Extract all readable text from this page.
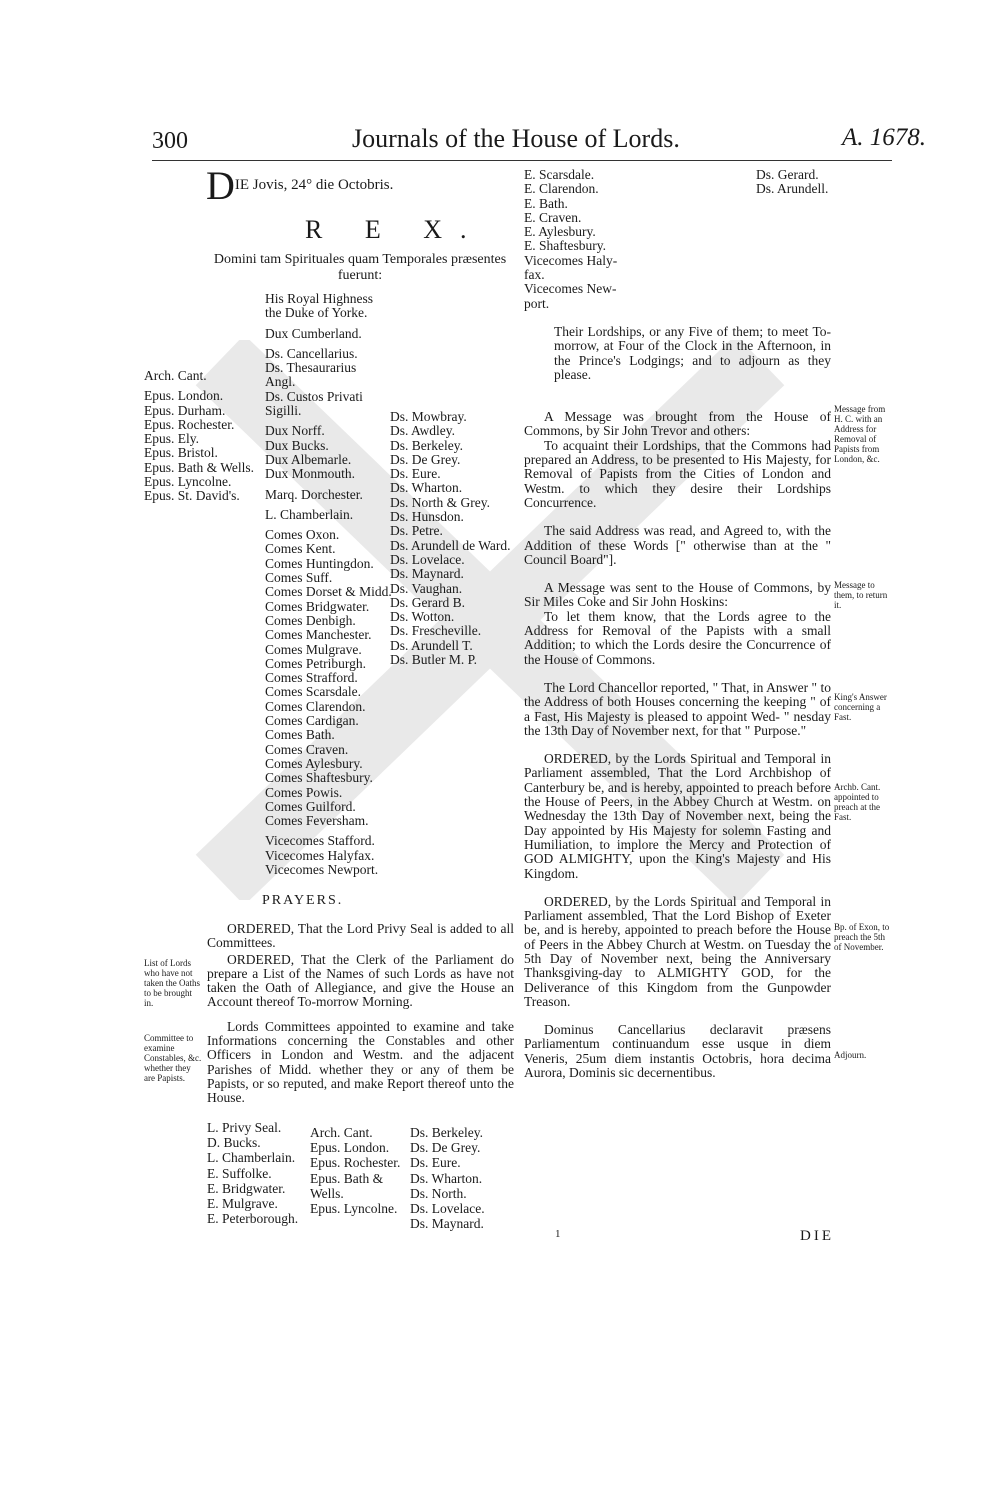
300	Journals of the House of Lords.	A. 1678.
DIE Jovis, 24° die Octobris.
R E X.
Domini tam Spirituales quam Temporales præsentes fuerunt:
Arch. Cant.
Epus. London.
Epus. Durham.
Epus. Rochester.
Epus. Ely.
Epus. Bristol.
Epus. Bath & Wells.
Epus. Lyncolne.
Epus. St. David's.
His Royal Highness
the Duke of Yorke.
Dux Cumberland.
Ds. Cancellarius.
Ds. Thesaurarius
Angl.
Ds. Custos Privati
Sigilli.
Dux Norff.
Dux Bucks.
Dux Albemarle.
Dux Monmouth.
Marq. Dorchester.
L. Chamberlain.
Comes Oxon.
Comes Kent.
Comes Huntingdon.
Comes Suff.
Comes Dorset & Midd.
Comes Bridgwater.
Comes Denbigh.
Comes Manchester.
Comes Mulgrave.
Comes Petriburgh.
Comes Strafford.
Comes Scarsdale.
Comes Clarendon.
Comes Cardigan.
Comes Bath.
Comes Craven.
Comes Aylesbury.
Comes Shaftesbury.
Comes Powis.
Comes Guilford.
Comes Feversham.
Vicecomes Stafford.
Vicecomes Halyfax.
Vicecomes Newport.
Ds. Mowbray.
Ds. Awdley.
Ds. Berkeley.
Ds. De Grey.
Ds. Eure.
Ds. Wharton.
Ds. North & Grey.
Ds. Hunsdon.
Ds. Petre.
Ds. Arundell de Ward.
Ds. Lovelace.
Ds. Maynard.
Ds. Vaughan.
Ds. Gerard B.
Ds. Wotton.
Ds. Frescheville.
Ds. Arundell T.
Ds. Butler M. P.
PRAYERS.

ORDERED, That the Lord Privy Seal is added to all Committees.

ORDERED, That the Clerk of the Parliament do prepare a List of the Names of such Lords as have not taken the Oath of Allegiance, and give the House an Account thereof To-morrow Morning.

Lords Committees appointed to examine and take Informations concerning the Constables and other Officers in London and Westm. and the adjacent Parishes of Midd. whether they or any of them be Papists, or so reputed, and make Report thereof unto the House.

List of Lords who have not taken the Oaths to be brought in.
Committee to examine Constables, &c. whether they are Papists.
L. Privy Seal.
D. Bucks.
L. Chamberlain.
E. Suffolke.
E. Bridgwater.
E. Mulgrave.
E. Peterborough.
Arch. Cant.
Epus. London.
Epus. Rochester.
Epus. Bath &
Wells.
Epus. Lyncolne.
Ds. Berkeley.
Ds. De Grey.
Ds. Eure.
Ds. Wharton.
Ds. North.
Ds. Lovelace.
Ds. Maynard.
E. Scarsdale.
E. Clarendon.
E. Bath.
E. Craven.
E. Aylesbury.
E. Shaftesbury.
Vicecomes Haly-
fax.
Vicecomes New-
port.
Ds. Gerard.
Ds. Arundell.

Their Lordships, or any Five of them; to meet To-morrow, at Four of the Clock in the Afternoon, in the Prince's Lodgings; and to adjourn as they please.

A Message was brought from the House of Commons, by Sir John Trevor and others:

To acquaint their Lordships, that the Commons had prepared an Address, to be presented to His Majesty, for Removal of Papists from the Cities of London and Westm. to which they desire their Lordships Concurrence.

The said Address was read, and Agreed to, with the Addition of these Words [" otherwise than at the " Council Board"].

A Message was sent to the House of Commons, by Sir Miles Coke and Sir John Hoskins:

To let them know, that the Lords agree to the Address for Removal of the Papists with a small Addition; to which the Lords desire the Concurrence of the House of Commons.

The Lord Chancellor reported, " That, in Answer " to the Address of both Houses concerning the keeping " of a Fast, His Majesty is pleased to appoint Wed- " nesday the 13th Day of November next, for that " Purpose."

ORDERED, by the Lords Spiritual and Temporal in Parliament assembled, That the Lord Archbishop of Canterbury be, and is hereby, appointed to preach before the House of Peers, in the Abbey Church at Westm. on Wednesday the 13th Day of November next, being the Day appointed by His Majesty for solemn Fasting and Humiliation, to implore the Mercy and Protection of GOD ALMIGHTY, upon the King's Majesty and His Kingdom.

ORDERED, by the Lords Spiritual and Temporal in Parliament assembled, That the Lord Bishop of Exeter be, and is hereby, appointed to preach before the House of Peers in the Abbey Church at Westm. on Tuesday the 5th Day of November next, being the Anniversary Thanksgiving-day to ALMIGHTY GOD, for the Deliverance of this Kingdom from the Gunpowder Treason.

Dominus Cancellarius declaravit præsens Parliamentum continuandum esse usque in diem Veneris, 25um diem instantis Octobris, hora decima Aurora, Dominis sic decernentibus.

Message from H. C. with an Address for Removal of Papists from London, &c.
Message to them, to return it.
King's Answer concerning a Fast.
Archb. Cant. appointed to preach at the Fast.
Bp. of Exon, to preach the 5th of November.
Adjourn.
1	DIE
